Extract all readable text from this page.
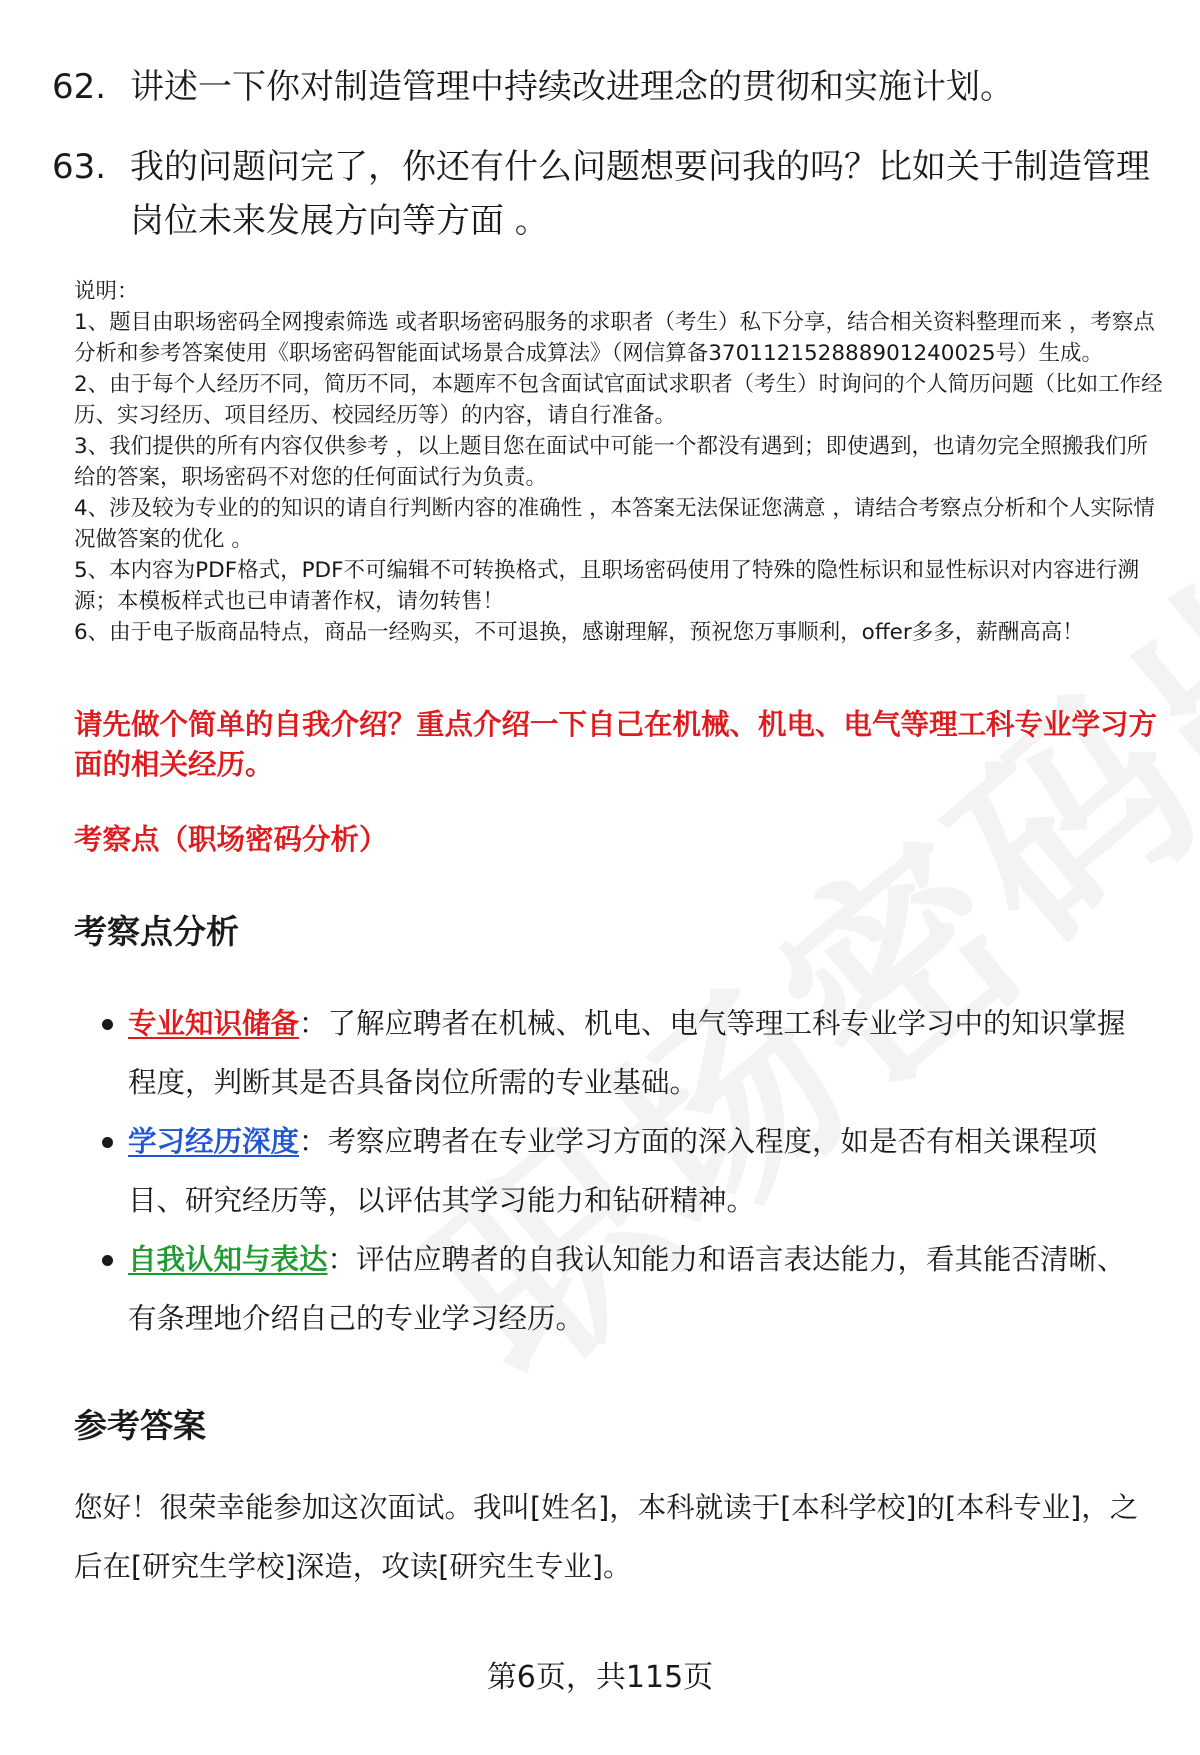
62. 讲述一下你对制造管理中持续改进理念的贯彻和实施计划。
63. 我的问题问完了，你还有什么问题想要问我的吗？比如关于制造管理岗位未来发展方向等方面 。
说明：
1、题目由职场密码全网搜索筛选 或者职场密码服务的求职者（考生）私下分享，结合相关资料整理而来 ，考察点分析和参考答案使用《职场密码智能面试场景合成算法》（网信算备370112152888901240025号）生成。
2、由于每个人经历不同，简历不同，本题库不包含面试官面试求职者（考生）时询问的个人简历问题（比如工作经历、实习经历、项目经历、校园经历等）的内容，请自行准备。
3、我们提供的所有内容仅供参考 ，以上题目您在面试中可能一个都没有遇到；即使遇到，也请勿完全照搬我们所给的答案，职场密码不对您的任何面试行为负责。
4、涉及较为专业的的知识的请自行判断内容的准确性 ，本答案无法保证您满意 ，请结合考察点分析和个人实际情况做答案的优化 。
5、本内容为PDF格式，PDF不可编辑不可转换格式，且职场密码使用了特殊的隐性标识和显性标识对内容进行溯源；本模板样式也已申请著作权，请勿转售！
6、由于电子版商品特点，商品一经购买，不可退换，感谢理解，预祝您万事顺利，offer多多，薪酬高高！
请先做个简单的自我介绍？重点介绍一下自己在机械、机电、电气等理工科专业学习方面的相关经历。
考察点（职场密码分析）
考察点分析
专业知识储备：了解应聘者在机械、机电、电气等理工科专业学习中的知识掌握程度，判断其是否具备岗位所需的专业基础。
学习经历深度：考察应聘者在专业学习方面的深入程度，如是否有相关课程项目、研究经历等，以评估其学习能力和钻研精神。
自我认知与表达：评估应聘者的自我认知能力和语言表达能力，看其能否清晰、有条理地介绍自己的专业学习经历。
参考答案
您好！很荣幸能参加这次面试。我叫[姓名]，本科就读于[本科学校]的[本科专业]，之后在[研究生学校]深造，攻读[研究生专业]。
第6页，共115页
